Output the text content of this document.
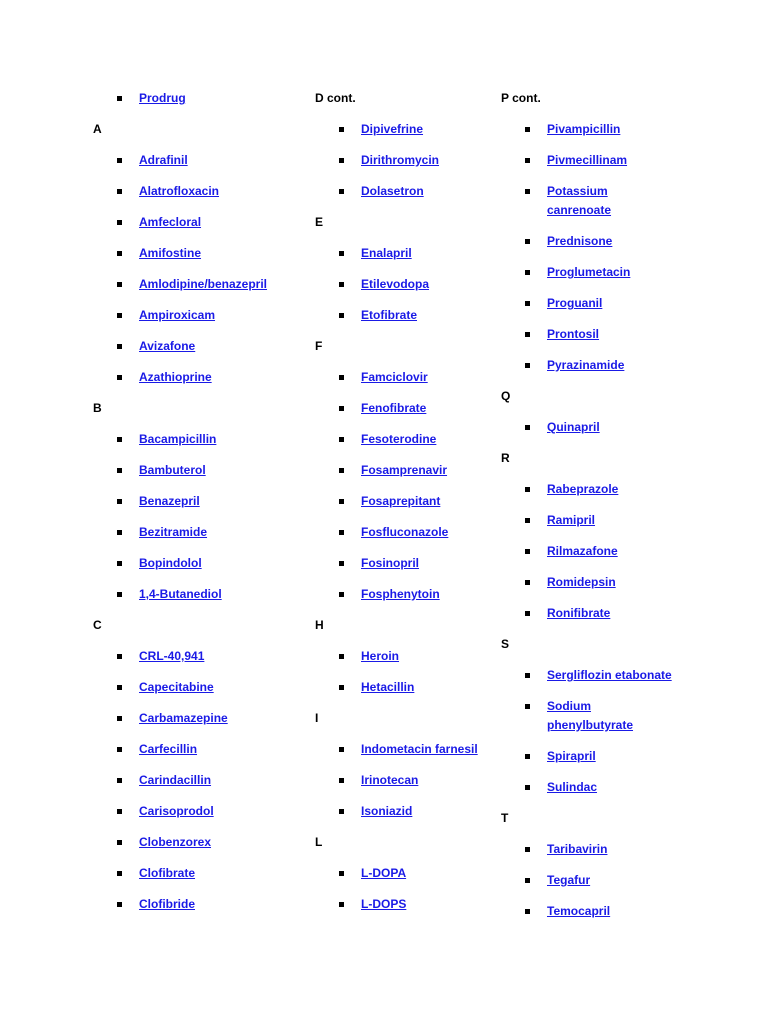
Prodrug
A
Adrafinil
Alatrofloxacin
Amfecloral
Amifostine
Amlodipine/benazepril
Ampiroxicam
Avizafone
Azathioprine
B
Bacampicillin
Bambuterol
Benazepril
Bezitramide
Bopindolol
1,4-Butanediol
C
CRL-40,941
Capecitabine
Carbamazepine
Carfecillin
Carindacillin
Carisoprodol
Clobenzorex
Clofibrate
Clofibride
D cont.
Dipivefrine
Dirithromycin
Dolasetron
E
Enalapril
Etilevodopa
Etofibrate
F
Famciclovir
Fenofibrate
Fesoterodine
Fosamprenavir
Fosaprepitant
Fosfluconazole
Fosinopril
Fosphenytoin
H
Heroin
Hetacillin
I
Indometacin farnesil
Irinotecan
Isoniazid
L
L-DOPA
L-DOPS
P cont.
Pivampicillin
Pivmecillinam
Potassium canrenoate
Prednisone
Proglumetacin
Proguanil
Prontosil
Pyrazinamide
Q
Quinapril
R
Rabeprazole
Ramipril
Rilmazafone
Romidepsin
Ronifibrate
S
Sergliflozin etabonate
Sodium phenylbutyrate
Spirapril
Sulindac
T
Taribavirin
Tegafur
Temocapril
